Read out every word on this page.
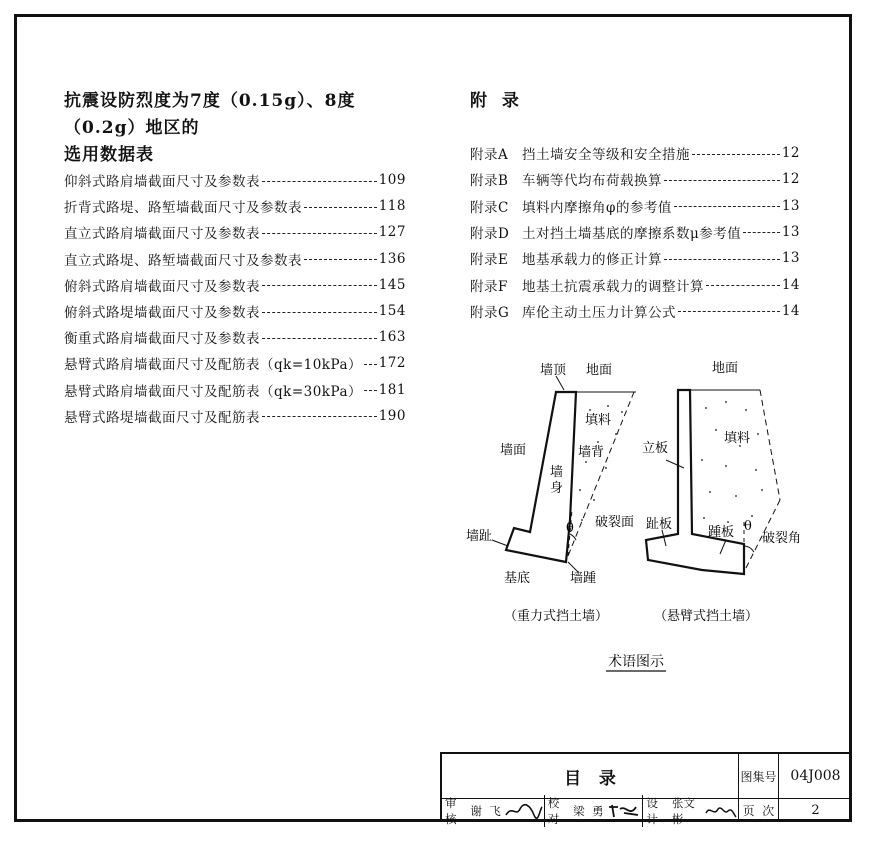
抗震设防烈度为7度（0.15g）、8度（0.2g）地区的
选用数据表
仰斜式路肩墙截面尺寸及参数表	109
折背式路堤、路堑墙截面尺寸及参数表	118
直立式路肩墙截面尺寸及参数表	127
直立式路堤、路堑墙截面尺寸及参数表	136
俯斜式路肩墙截面尺寸及参数表	145
俯斜式路堤墙截面尺寸及参数表	154
衡重式路肩墙截面尺寸及参数表	163
悬臂式路肩墙截面尺寸及配筋表（qk=10kPa） 172
悬臂式路肩墙截面尺寸及配筋表（qk=30kPa） 181
悬臂式路堤墙截面尺寸及配筋表	190
附  录
附录A	挡土墙安全等级和安全措施	12
附录B	车辆等代均布荷载换算	12
附录C 填料内摩擦角φ的参考值	13
附录D 土对挡土墙基底的摩擦系数μ参考值	13
附录E	地基承载力的修正计算	13
附录F	地基土抗震承载力的调整计算	14
附录G 库伦主动土压力计算公式	14
墙顶 地面
填料
墙面	墙背
破裂面
θ
墙趾
基底	墙踵
（重力式挡土墙）
墙身
地面
填料
立板
趾板
踵板 θ
破裂角
（悬臂式挡土墙）
术语图示
目   录	图集号 04J008
审核
谢  飞
校对
梁  勇
设计
张文彬
页  次	2
